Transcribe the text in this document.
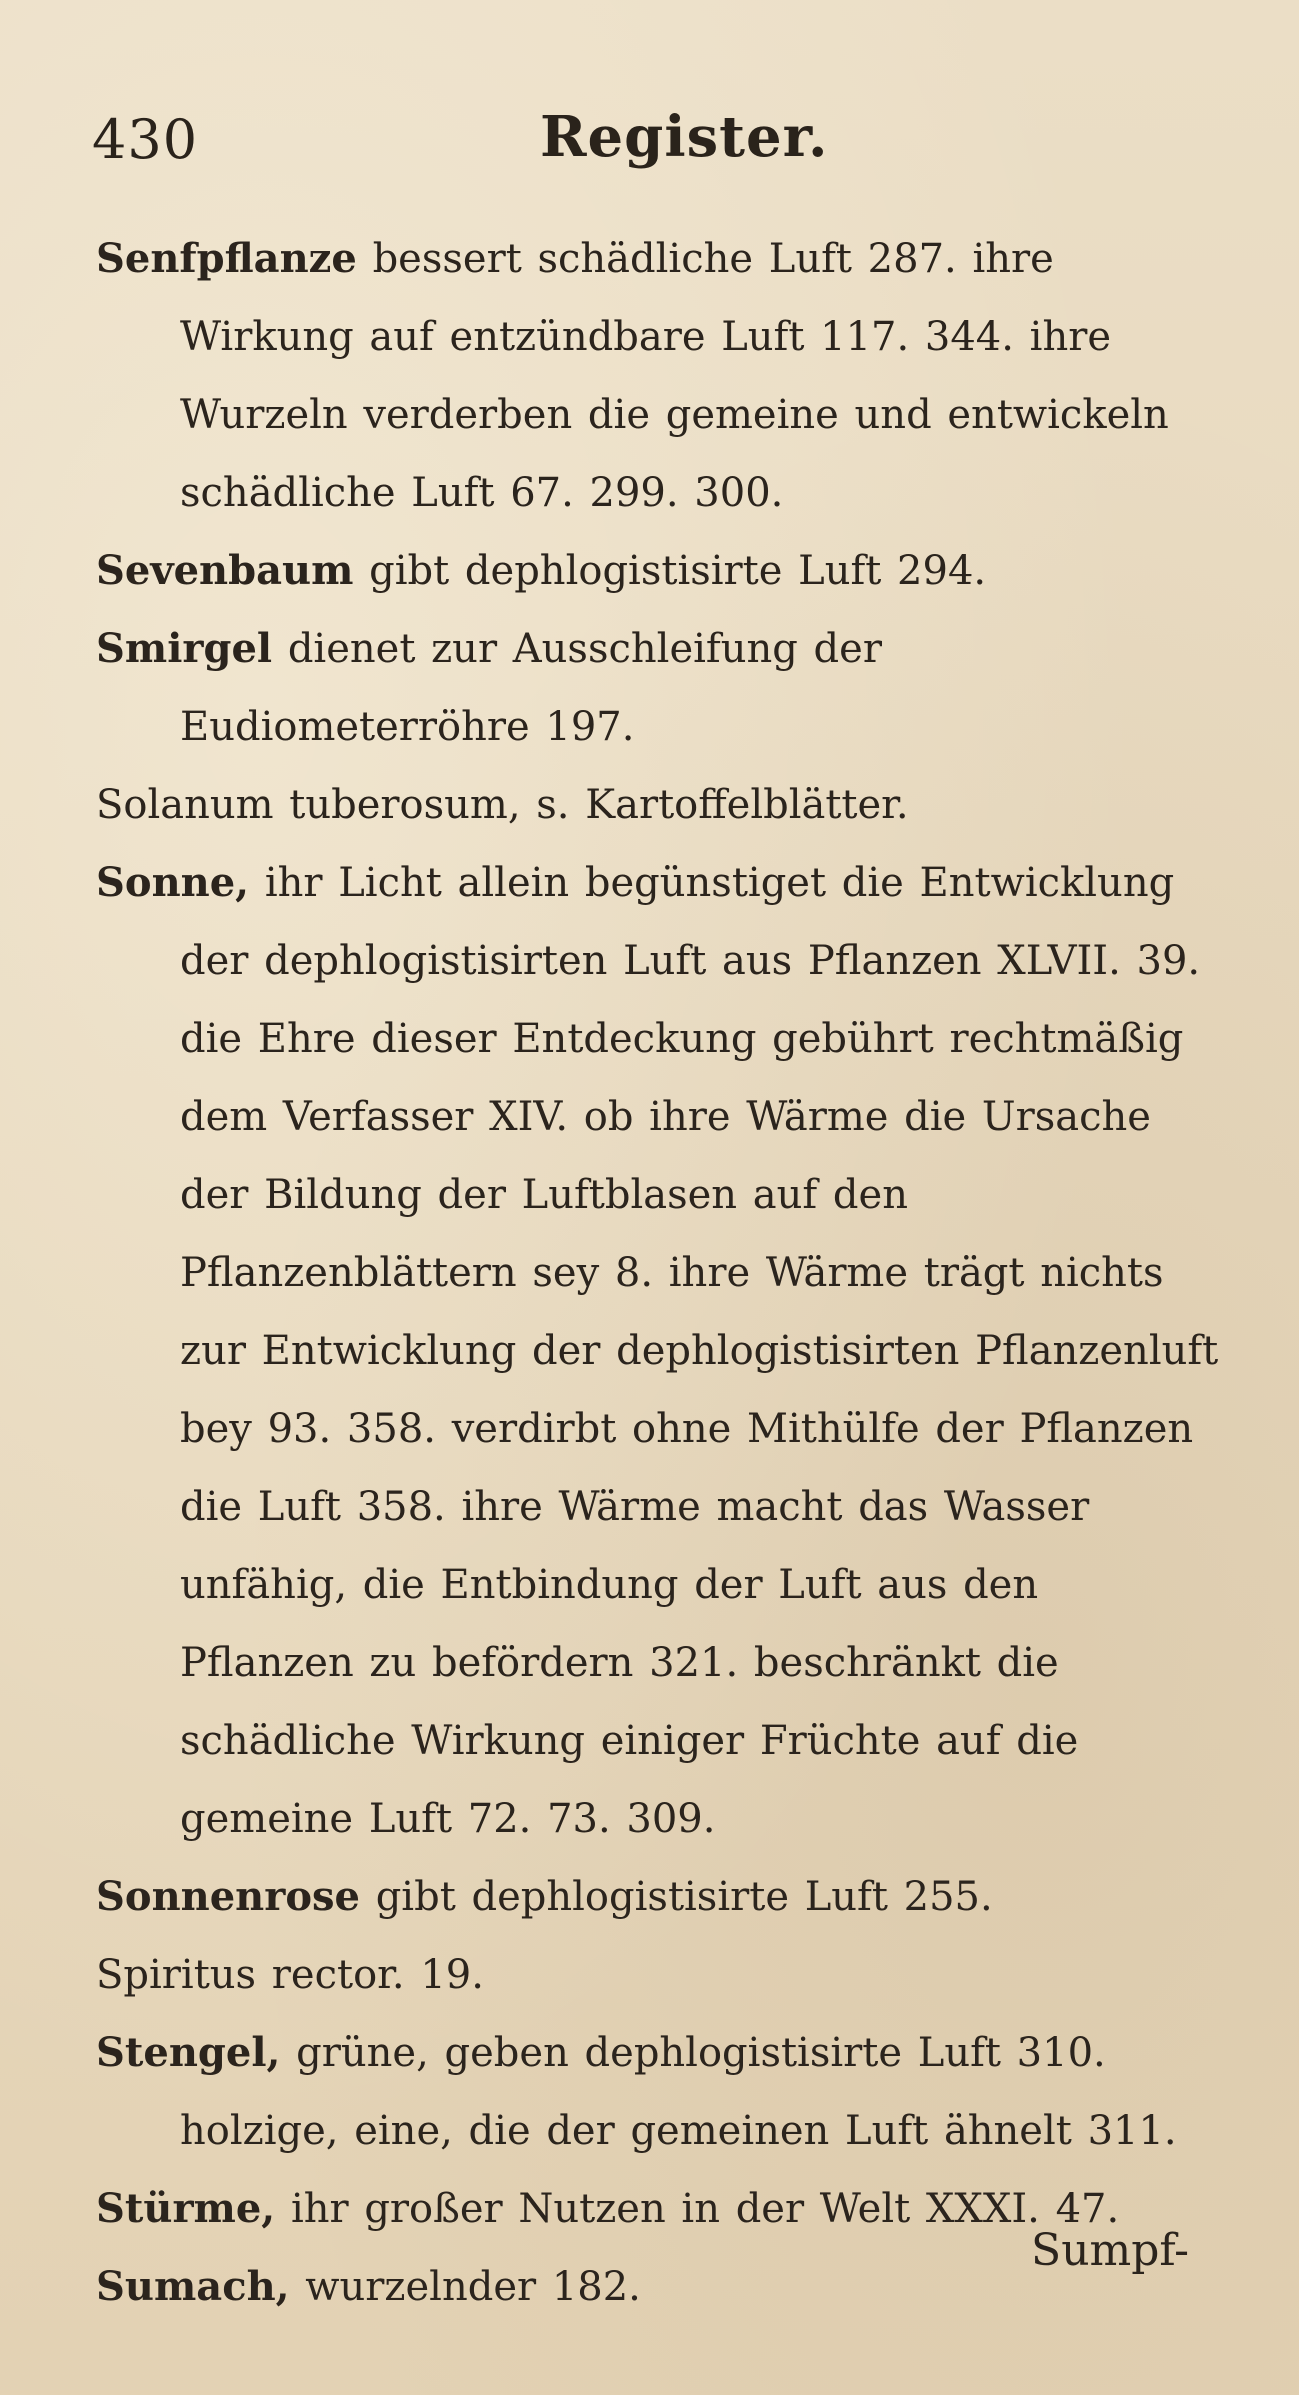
430	Register.

Senfpflanze bessert schädliche Luft 287. ihre Wirkung auf entzündbare Luft 117. 344. ihre Wurzeln verderben die gemeine und entwickeln schädliche Luft 67. 299. 300.

Sevenbaum gibt dephlogistisirte Luft 294.

Smirgel dienet zur Ausschleifung der Eudiometerröhre 197.

Solanum tuberosum, s. Kartoffelblätter.

Sonne, ihr Licht allein begünstiget die Entwicklung der dephlogistisirten Luft aus Pflanzen XLVII. 39. die Ehre dieser Entdeckung gebührt rechtmäßig dem Verfasser XIV. ob ihre Wärme die Ursache der Bildung der Luftblasen auf den Pflanzenblättern sey 8. ihre Wärme trägt nichts zur Entwicklung der dephlogistisirten Pflanzenluft bey 93. 358. verdirbt ohne Mithülfe der Pflanzen die Luft 358. ihre Wärme macht das Wasser unfähig, die Entbindung der Luft aus den Pflanzen zu befördern 321. beschränkt die schädliche Wirkung einiger Früchte auf die gemeine Luft 72. 73. 309.

Sonnenrose gibt dephlogistisirte Luft 255.

Spiritus rector. 19.

Stengel, grüne, geben dephlogistisirte Luft 310. holzige, eine, die der gemeinen Luft ähnelt 311.

Stürme, ihr großer Nutzen in der Welt XXXI. 47.

Sumach, wurzelnder 182.

Sumpf-
